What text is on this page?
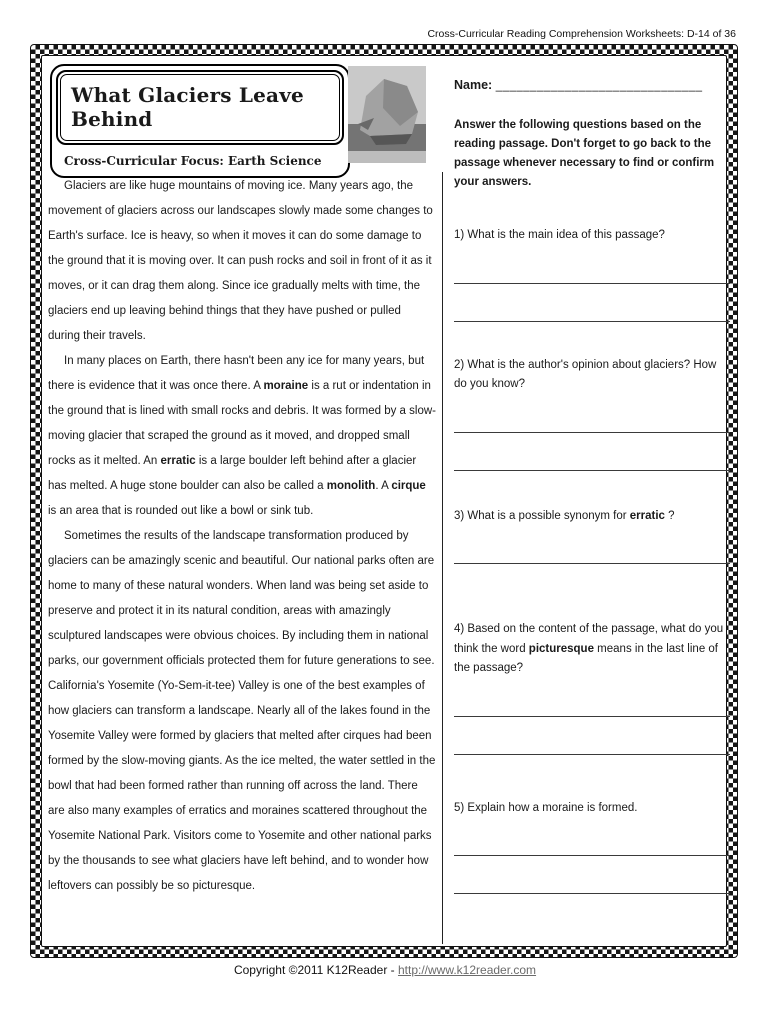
Cross-Curricular Reading Comprehension Worksheets: D-14 of 36
What Glaciers Leave Behind
Cross-Curricular Focus: Earth Science

Glaciers are like huge mountains of moving ice. Many years ago, the movement of glaciers across our landscapes slowly made some changes to Earth's surface. Ice is heavy, so when it moves it can do some damage to the ground that it is moving over. It can push rocks and soil in front of it as it moves, or it can drag them along. Since ice gradually melts with time, the glaciers end up leaving behind things that they have pushed or pulled during their travels.

In many places on Earth, there hasn't been any ice for many years, but there is evidence that it was once there. A moraine is a rut or indentation in the ground that is lined with small rocks and debris. It was formed by a slow-moving glacier that scraped the ground as it moved, and dropped small rocks as it melted. An erratic is a large boulder left behind after a glacier has melted. A huge stone boulder can also be called a monolith. A cirque is an area that is rounded out like a bowl or sink tub.

Sometimes the results of the landscape transformation produced by glaciers can be amazingly scenic and beautiful. Our national parks often are home to many of these natural wonders. When land was being set aside to preserve and protect it in its natural condition, areas with amazingly sculptured landscapes were obvious choices. By including them in national parks, our government officials protected them for future generations to see. California's Yosemite (Yo-Sem-it-tee) Valley is one of the best examples of how glaciers can transform a landscape. Nearly all of the lakes found in the Yosemite Valley were formed by glaciers that melted after cirques had been formed by the slow-moving giants. As the ice melted, the water settled in the bowl that had been formed rather than running off across the land. There are also many examples of erratics and moraines scattered throughout the Yosemite National Park. Visitors come to Yosemite and other national parks by the thousands to see what glaciers have left behind, and to wonder how leftovers can possibly be so picturesque.

Name: ______________________________
Answer the following questions based on the reading passage. Don't forget to go back to the passage whenever necessary to find or confirm your answers.
1) What is the main idea of this passage?
2) What is the author's opinion about glaciers? How do you know?
3) What is a possible synonym for erratic ?
4) Based on the content of the passage, what do you think the word picturesque means in the last line of the passage?
5) Explain how a moraine is formed.
Copyright ©2011 K12Reader - http://www.k12reader.com
